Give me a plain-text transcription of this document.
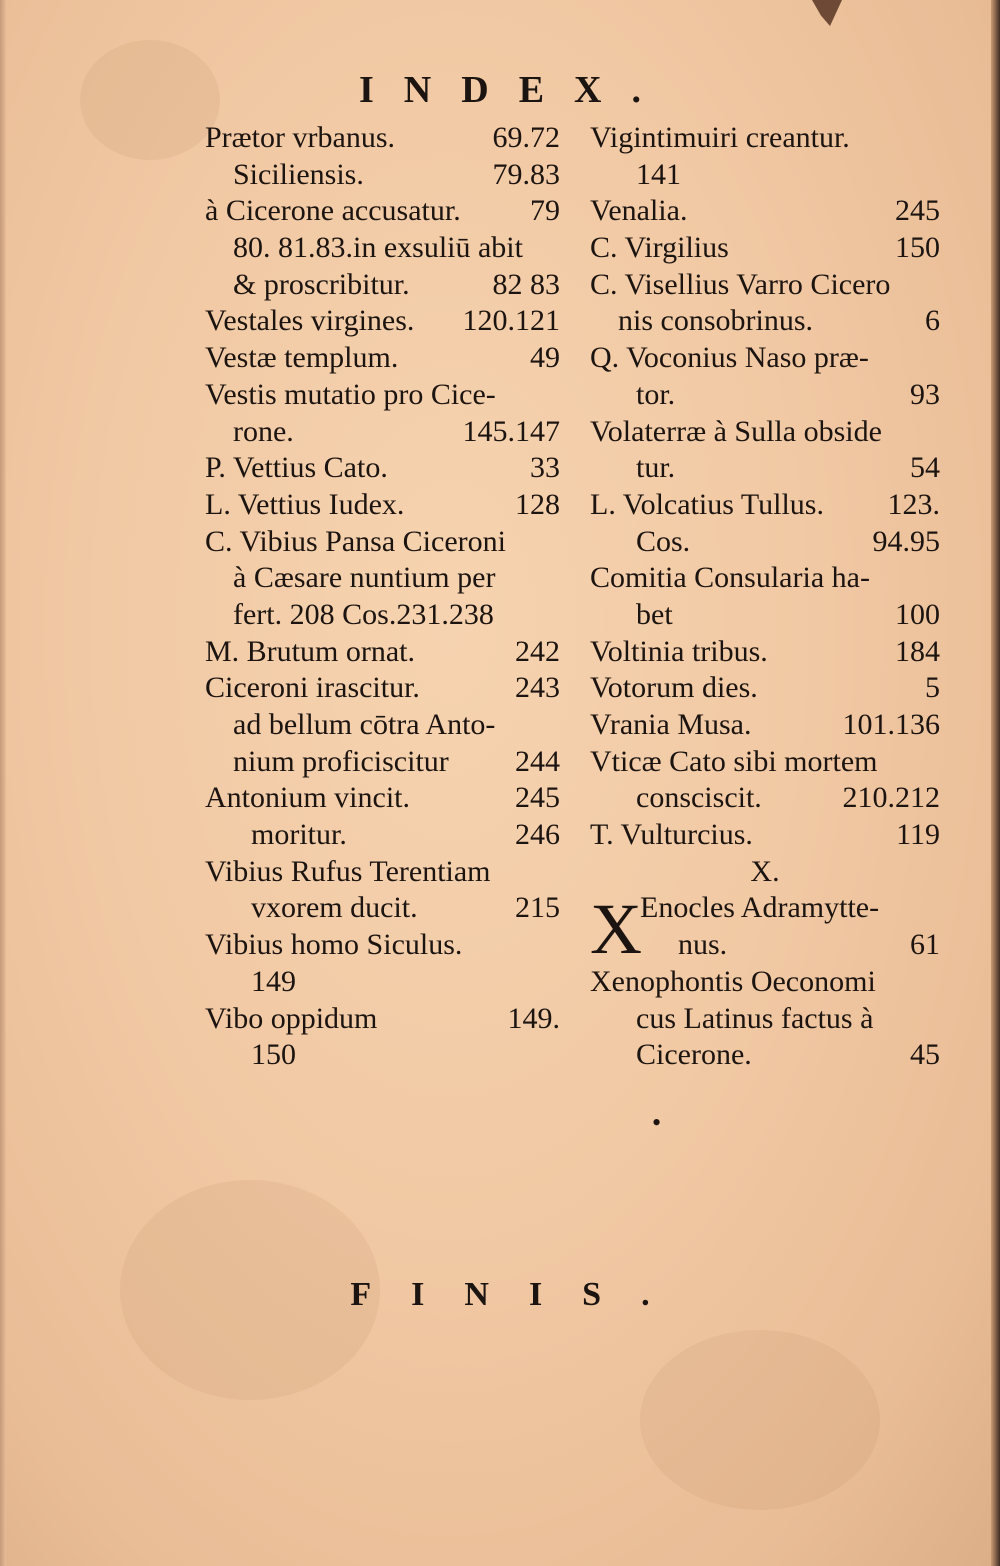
INDEX.
Prætor vrbanus.	69.72
Siciliensis.	79.83
à Cicerone accusatur. 79
80. 81.83.in exsuliū abit
& proscribitur.	82 83
Vestales virgines. 120.121
Vestæ templum.	49
Vestis mutatio pro Cice-
rone.	145.147
P. Vettius Cato.	33
L. Vettius Iudex.	128
C. Vibius Pansa Ciceroni
à Cæsare nuntium per
fert. 208 Cos.231.238
M. Brutum ornat.	242
Ciceroni irascitur.	243
ad bellum cōtra Anto-
nium proficiscitur 244
Antonium vincit.	245
moritur.	246
Vibius Rufus Terentiam
vxorem ducit.	215
Vibius homo Siculus.
149
Vibo oppidum	149.
150
Vigintimuiri creantur.
141
Venalia.	245
C. Virgilius	150
C. Visellius Varro Cicero
nis consobrinus.	6
Q. Voconius Naso præ-
tor.	93
Volaterræ à Sulla obside
tur.	54
L. Volcatius Tullus. 123.
Cos.	94.95
Comitia Consularia ha-
bet	100
Voltinia tribus.	184
Votorum dies.	5
Vrania Musa.	101.136
Vticæ Cato sibi mortem
consciscit.	210.212
T. Vulturcius.	119
X.
X
Enocles Adramytte-
nus.	61
Xenophontis Oeconomi
cus Latinus factus à
Cicerone.	45
•
FINIS.
